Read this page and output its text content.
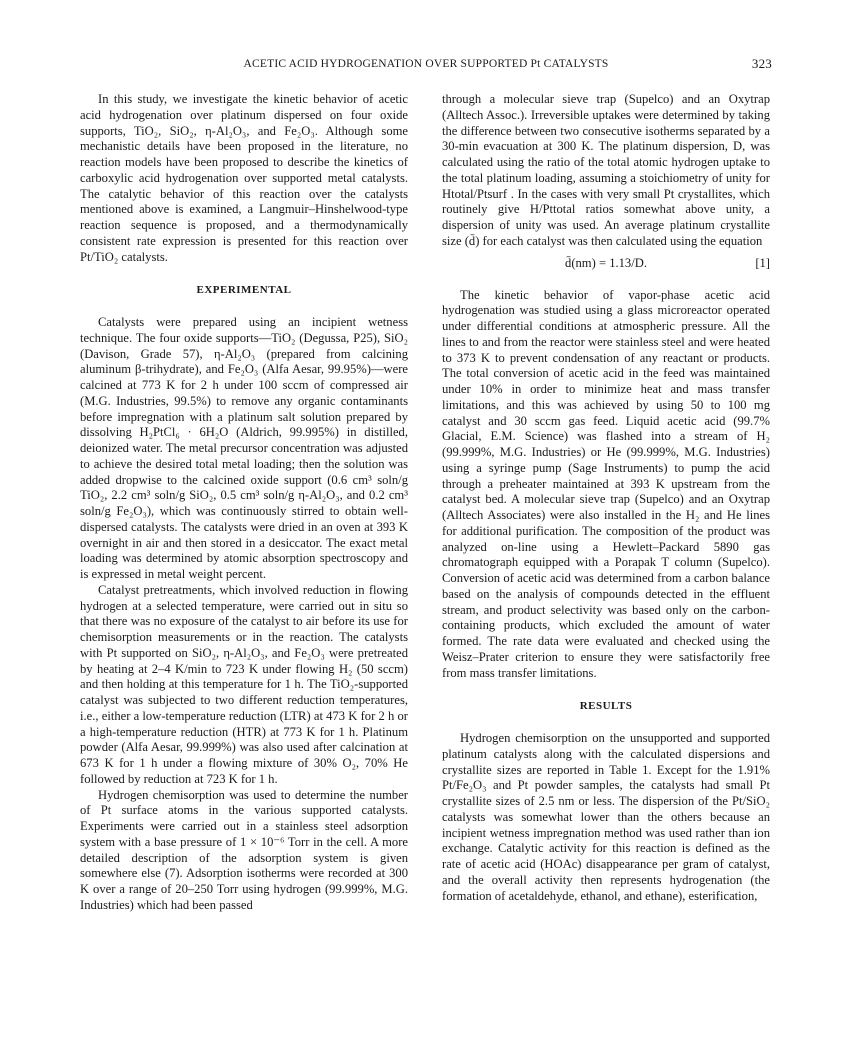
ACETIC ACID HYDROGENATION OVER SUPPORTED Pt CATALYSTS	323

In this study, we investigate the kinetic behavior of acetic acid hydrogenation over platinum dispersed on four oxide supports, TiO₂, SiO₂, η-Al₂O₃, and Fe₂O₃. Although some mechanistic details have been proposed in the literature, no reaction models have been proposed to describe the kinetics of carboxylic acid hydrogenation over supported metal catalysts. The catalytic behavior of this reaction over the catalysts mentioned above is examined, a Langmuir–Hinshelwood-type reaction sequence is proposed, and a thermodynamically consistent rate expression is presented for this reaction over Pt/TiO₂ catalysts.

EXPERIMENTAL

Catalysts were prepared using an incipient wetness technique. The four oxide supports—TiO₂ (Degussa, P25), SiO₂ (Davison, Grade 57), η-Al₂O₃ (prepared from calcining aluminum β-trihydrate), and Fe₂O₃ (Alfa Aesar, 99.95%)—were calcined at 773 K for 2 h under 100 sccm of compressed air (M.G. Industries, 99.5%) to remove any organic contaminants before impregnation with a platinum salt solution prepared by dissolving H₂PtCl₆ · 6H₂O (Aldrich, 99.995%) in distilled, deionized water. The metal precursor concentration was adjusted to achieve the desired total metal loading; then the solution was added dropwise to the calcined oxide support (0.6 cm³ soln/g TiO₂, 2.2 cm³ soln/g SiO₂, 0.5 cm³ soln/g η-Al₂O₃, and 0.2 cm³ soln/g Fe₂O₃), which was continuously stirred to obtain well-dispersed catalysts. The catalysts were dried in an oven at 393 K overnight in air and then stored in a desiccator. The exact metal loading was determined by atomic absorption spectroscopy and is expressed in metal weight percent.

Catalyst pretreatments, which involved reduction in flowing hydrogen at a selected temperature, were carried out in situ so that there was no exposure of the catalyst to air before its use for chemisorption measurements or in the reaction. The catalysts with Pt supported on SiO₂, η-Al₂O₃, and Fe₂O₃ were pretreated by heating at 2–4 K/min to 723 K under flowing H₂ (50 sccm) and then holding at this temperature for 1 h. The TiO₂-supported catalyst was subjected to two different reduction temperatures, i.e., either a low-temperature reduction (LTR) at 473 K for 2 h or a high-temperature reduction (HTR) at 773 K for 1 h. Platinum powder (Alfa Aesar, 99.999%) was also used after calcination at 673 K for 1 h under a flowing mixture of 30% O₂, 70% He followed by reduction at 723 K for 1 h.

Hydrogen chemisorption was used to determine the number of Pt surface atoms in the various supported catalysts. Experiments were carried out in a stainless steel adsorption system with a base pressure of 1 × 10⁻⁶ Torr in the cell. A more detailed description of the adsorption system is given somewhere else (7). Adsorption isotherms were recorded at 300 K over a range of 20–250 Torr using hydrogen (99.999%, M.G. Industries) which had been passed

through a molecular sieve trap (Supelco) and an Oxytrap (Alltech Assoc.). Irreversible uptakes were determined by taking the difference between two consecutive isotherms separated by a 30-min evacuation at 300 K. The platinum dispersion, D, was calculated using the ratio of the total atomic hydrogen uptake to the total platinum loading, assuming a stoichiometry of unity for Htotal/Ptsurf . In the cases with very small Pt crystallites, which routinely give H/Pttotal ratios somewhat above unity, a dispersion of unity was used. An average platinum crystallite size (d̄) for each catalyst was then calculated using the equation

d̄(nm) = 1.13/D.	[1]

The kinetic behavior of vapor-phase acetic acid hydrogenation was studied using a glass microreactor operated under differential conditions at atmospheric pressure. All the lines to and from the reactor were stainless steel and were heated to 373 K to prevent condensation of any reactant or products. The total conversion of acetic acid in the feed was maintained under 10% in order to minimize heat and mass transfer limitations, and this was achieved by using 50 to 100 mg catalyst and 30 sccm gas feed. Liquid acetic acid (99.7% Glacial, E.M. Science) was flashed into a stream of H₂ (99.999%, M.G. Industries) or He (99.999%, M.G. Industries) using a syringe pump (Sage Instruments) to pump the acid through a preheater maintained at 393 K upstream from the catalyst bed. A molecular sieve trap (Supelco) and an Oxytrap (Alltech Associates) were also installed in the H₂ and He lines for additional purification. The composition of the product was analyzed on-line using a Hewlett–Packard 5890 gas chromatograph equipped with a Porapak T column (Supelco). Conversion of acetic acid was determined from a carbon balance based on the analysis of compounds detected in the effluent stream, and product selectivity was based only on the carbon-containing products, which excluded the amount of water formed. The rate data were evaluated and checked using the Weisz–Prater criterion to ensure they were satisfactorily free from mass transfer limitations.

RESULTS

Hydrogen chemisorption on the unsupported and supported platinum catalysts along with the calculated dispersions and crystallite sizes are reported in Table 1. Except for the 1.91% Pt/Fe₂O₃ and Pt powder samples, the catalysts had small Pt crystallite sizes of 2.5 nm or less. The dispersion of the Pt/SiO₂ catalysts was somewhat lower than the others because an incipient wetness impregnation method was used rather than ion exchange. Catalytic activity for this reaction is defined as the rate of acetic acid (HOAc) disappearance per gram of catalyst, and the overall activity then represents hydrogenation (the formation of acetaldehyde, ethanol, and ethane), esterification,
